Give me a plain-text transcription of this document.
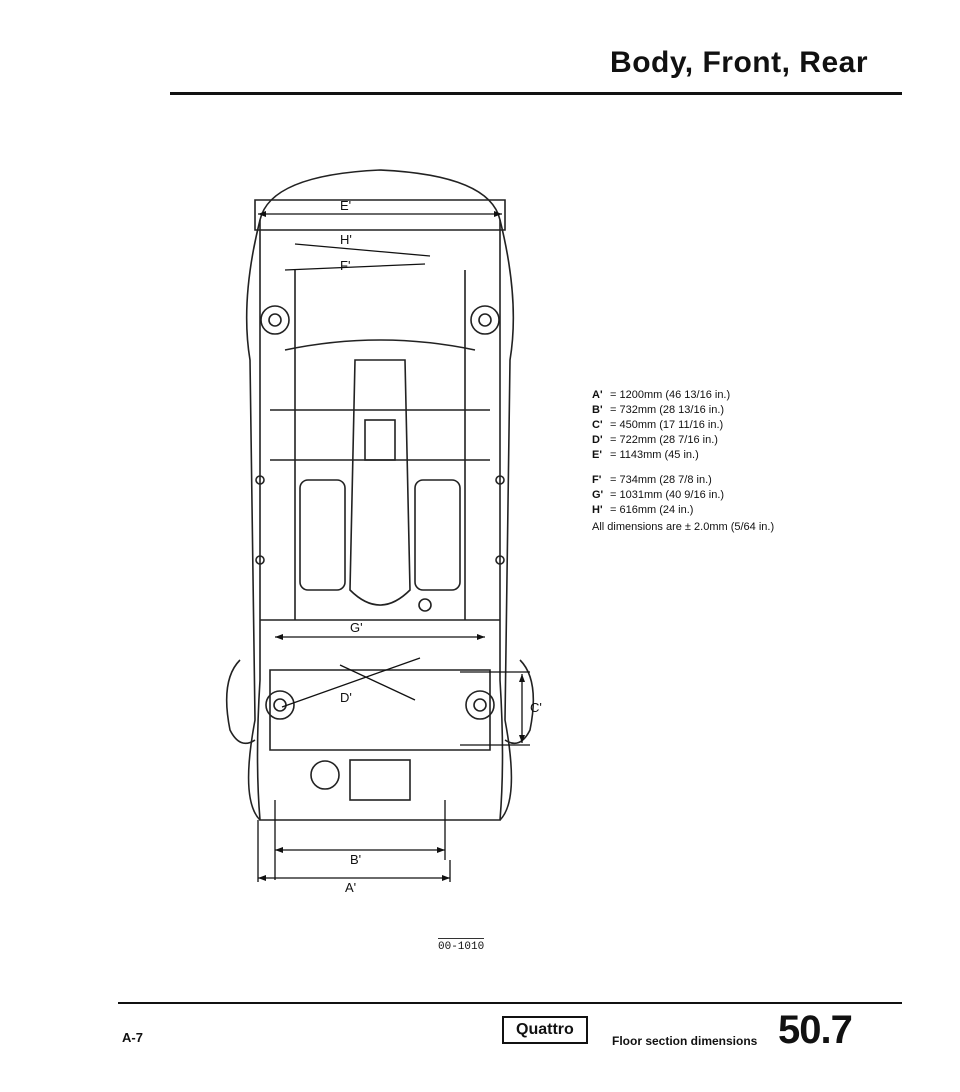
Body, Front, Rear
E'
H'
F'
G'
D'
C'
B'
A'
00-1010
A' = 1200mm (46 13/16 in.)
B' = 732mm (28 13/16 in.)
C' = 450mm (17 11/16 in.)
D' = 722mm (28 7/16 in.)
E' = 1143mm (45 in.)
F' = 734mm (28 7/8 in.)
G' = 1031mm (40 9/16 in.)
H' = 616mm (24 in.)
All dimensions are ± 2.0mm (5/64 in.)
A-7	Quattro
Floor section dimensions 50.7
